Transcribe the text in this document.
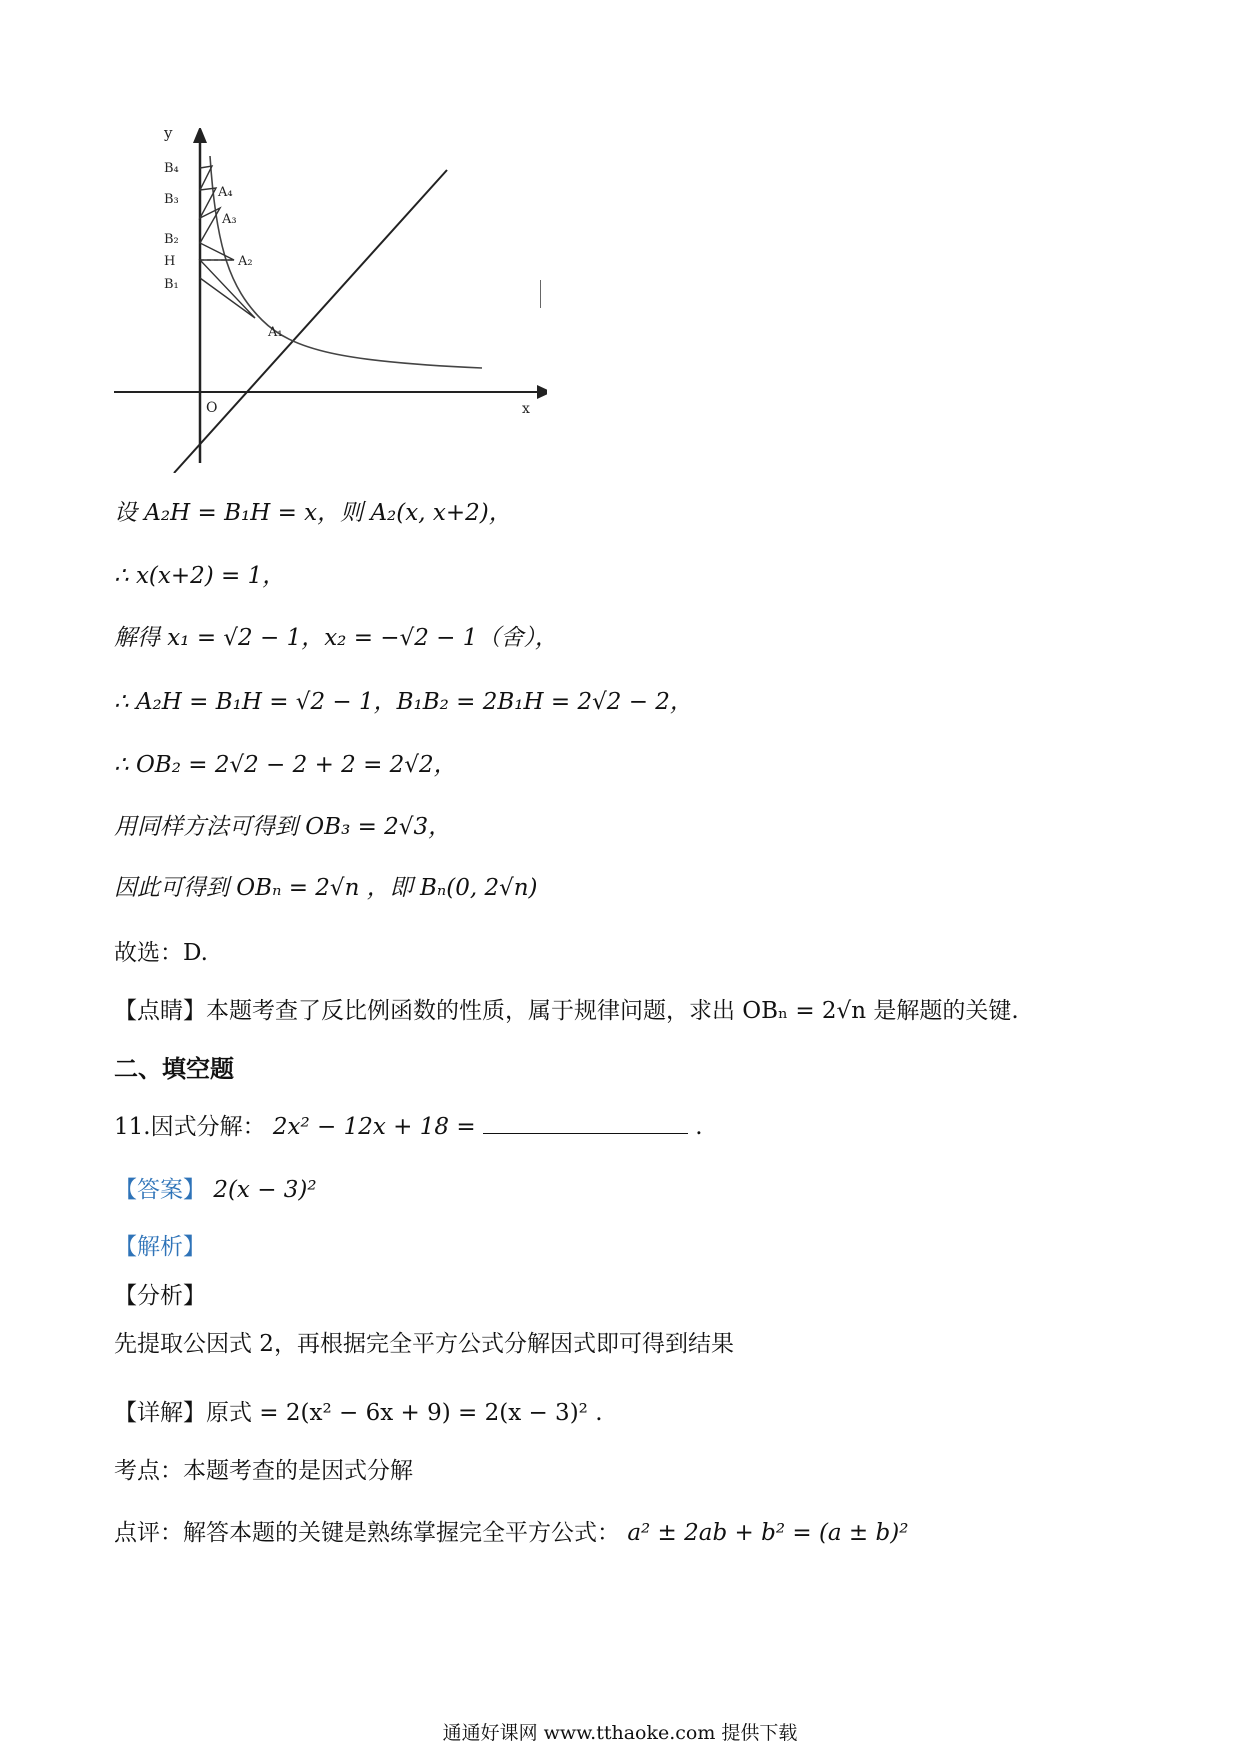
y
x
O
B₄
B₃
B₂
H
B₁
A₄
A₃
A₂
A₁
设 A₂H = B₁H = x，则 A₂(x, x+2)，
∴ x(x+2) = 1，
解得 x₁ = √2 − 1，x₂ = −√2 − 1（舍），
∴ A₂H = B₁H = √2 − 1，B₁B₂ = 2B₁H = 2√2 − 2，
∴ OB₂ = 2√2 − 2 + 2 = 2√2，
用同样方法可得到 OB₃ = 2√3，
因此可得到 OBₙ = 2√n ，即 Bₙ(0, 2√n)
故选：D.
【点睛】本题考查了反比例函数的性质，属于规律问题，求出 OBₙ = 2√n 是解题的关键.
二、填空题
11.因式分解： 2x² − 12x + 18 =	.
【答案】 2(x − 3)²
【解析】
【分析】
先提取公因式 2，再根据完全平方公式分解因式即可得到结果
【详解】原式 = 2(x² − 6x + 9) = 2(x − 3)² .
考点：本题考查的是因式分解
点评：解答本题的关键是熟练掌握完全平方公式： a² ± 2ab + b² = (a ± b)²
通通好课网 www.tthaoke.com 提供下载
